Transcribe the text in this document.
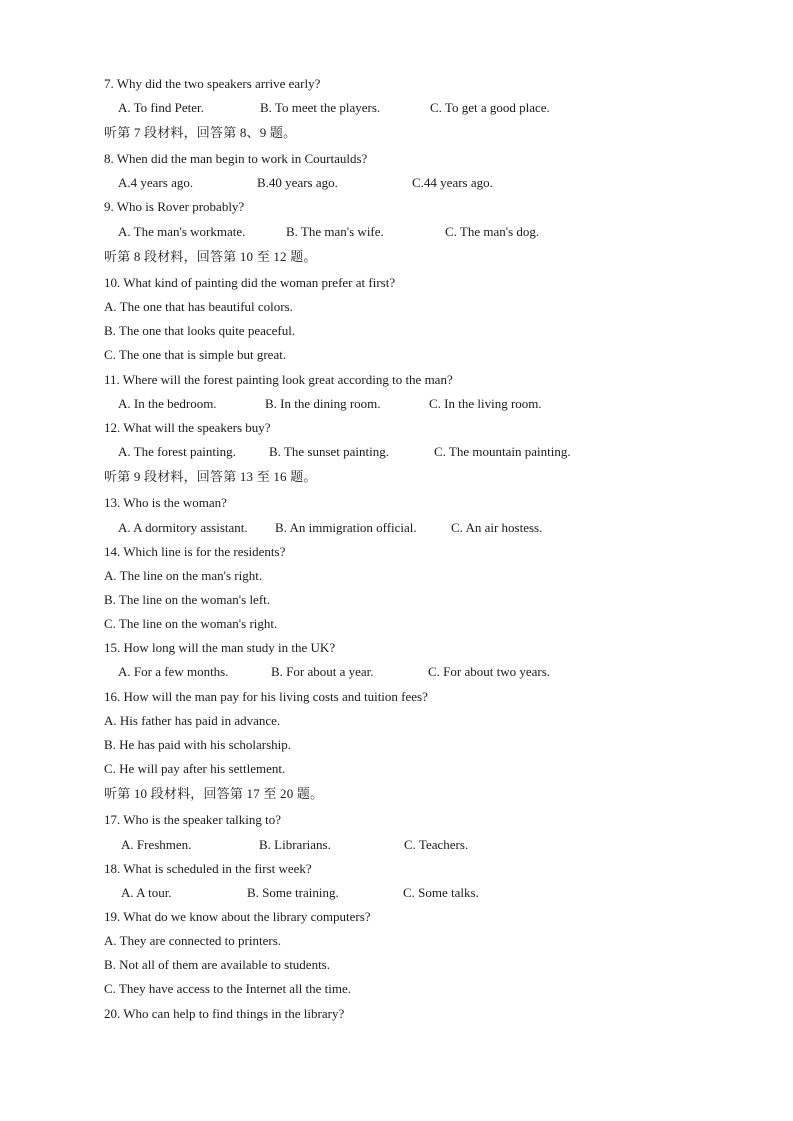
7. Why did the two speakers arrive early?
A. To find Peter.	B. To meet the players.	C. To get a good place.
听第 7 段材料，回答第 8、9 题。
8. When did the man begin to work in Courtaulds?
A.4 years ago.	B.40 years ago.	C.44 years ago.
9. Who is Rover probably?
A. The man's workmate.	B. The man's wife.	C. The man's dog.
听第 8 段材料，回答第 10 至 12 题。
10. What kind of painting did the woman prefer at first?
A. The one that has beautiful colors.
B. The one that looks quite peaceful.
C. The one that is simple but great.
11. Where will the forest painting look great according to the man?
A. In the bedroom.	B. In the dining room.	C. In the living room.
12. What will the speakers buy?
A. The forest painting.	B. The sunset painting.	C. The mountain painting.
听第 9 段材料，回答第 13 至 16 题。
13. Who is the woman?
A. A dormitory assistant. B. An immigration official.	C. An air hostess.
14. Which line is for the residents?
A. The line on the man's right.
B. The line on the woman's left.
C. The line on the woman's right.
15. How long will the man study in the UK?
A. For a few months.	B. For about a year.	C. For about two years.
16. How will the man pay for his living costs and tuition fees?
A. His father has paid in advance.
B. He has paid with his scholarship.
C. He will pay after his settlement.
听第 10 段材料，回答第 17 至 20 题。
17. Who is the speaker talking to?
A. Freshmen.	B. Librarians.	C. Teachers.
18. What is scheduled in the first week?
A. A tour.	B. Some training.	C. Some talks.
19. What do we know about the library computers?
A. They are connected to printers.
B. Not all of them are available to students.
C. They have access to the Internet all the time.
20. Who can help to find things in the library?
